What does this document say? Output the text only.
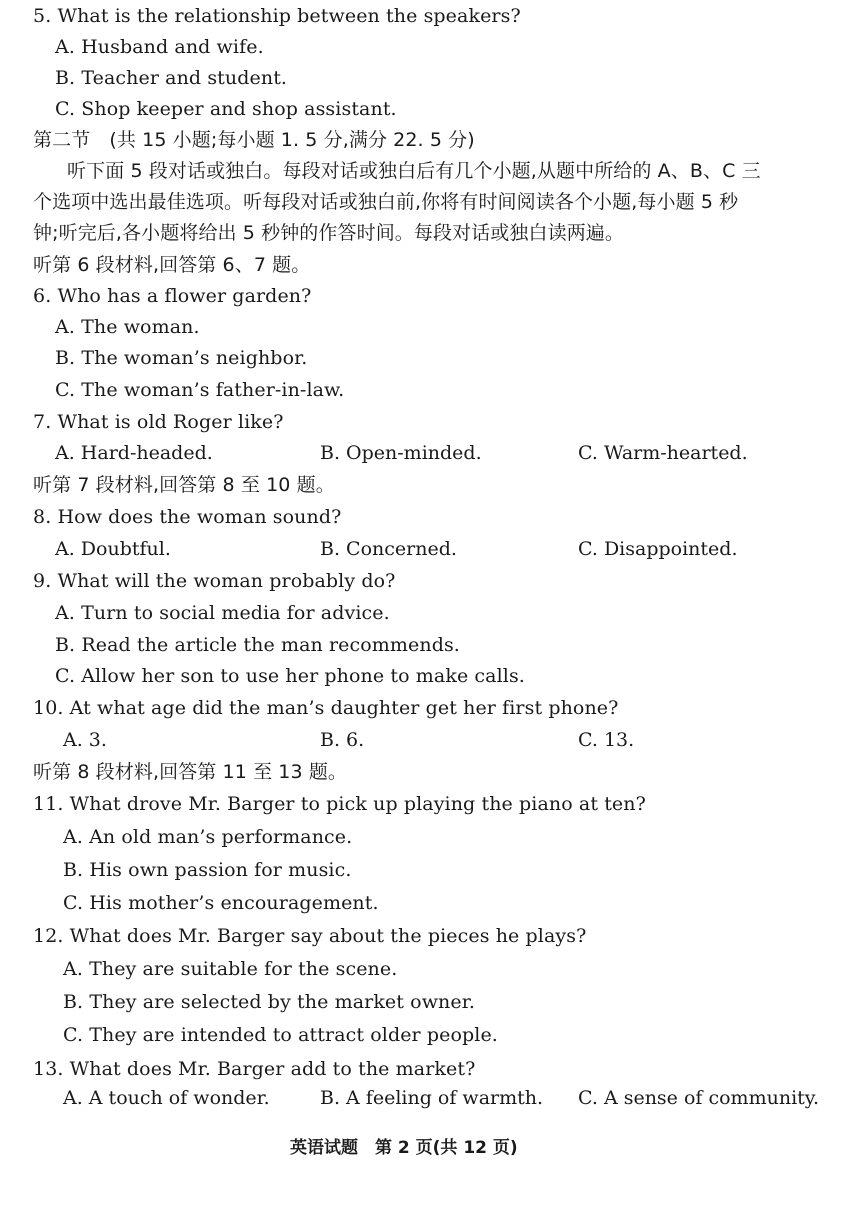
5. What is the relationship between the speakers?
A. Husband and wife.
B. Teacher and student.
C. Shop keeper and shop assistant.
第二节　(共 15 小题;每小题 1. 5 分,满分 22. 5 分)
听下面 5 段对话或独白。每段对话或独白后有几个小题,从题中所给的 A、B、C 三
个选项中选出最佳选项。听每段对话或独白前,你将有时间阅读各个小题,每小题 5 秒
钟;听完后,各小题将给出 5 秒钟的作答时间。每段对话或独白读两遍。
听第 6 段材料,回答第 6、7 题。
6. Who has a flower garden?
A. The woman.
B. The woman’s neighbor.
C. The woman’s father-in-law.
7. What is old Roger like?
A. Hard-headed.	B. Open-minded.	C. Warm-hearted.
听第 7 段材料,回答第 8 至 10 题。
8. How does the woman sound?
A. Doubtful.	B. Concerned.	C. Disappointed.
9. What will the woman probably do?
A. Turn to social media for advice.
B. Read the article the man recommends.
C. Allow her son to use her phone to make calls.
10. At what age did the man’s daughter get her first phone?
A. 3.	B. 6.	C. 13.
听第 8 段材料,回答第 11 至 13 题。
11. What drove Mr. Barger to pick up playing the piano at ten?
A. An old man’s performance.
B. His own passion for music.
C. His mother’s encouragement.
12. What does Mr. Barger say about the pieces he plays?
A. They are suitable for the scene.
B. They are selected by the market owner.
C. They are intended to attract older people.
13. What does Mr. Barger add to the market?
A. A touch of wonder.	B. A feeling of warmth. C. A sense of community.
英语试题　第 2 页(共 12 页)
